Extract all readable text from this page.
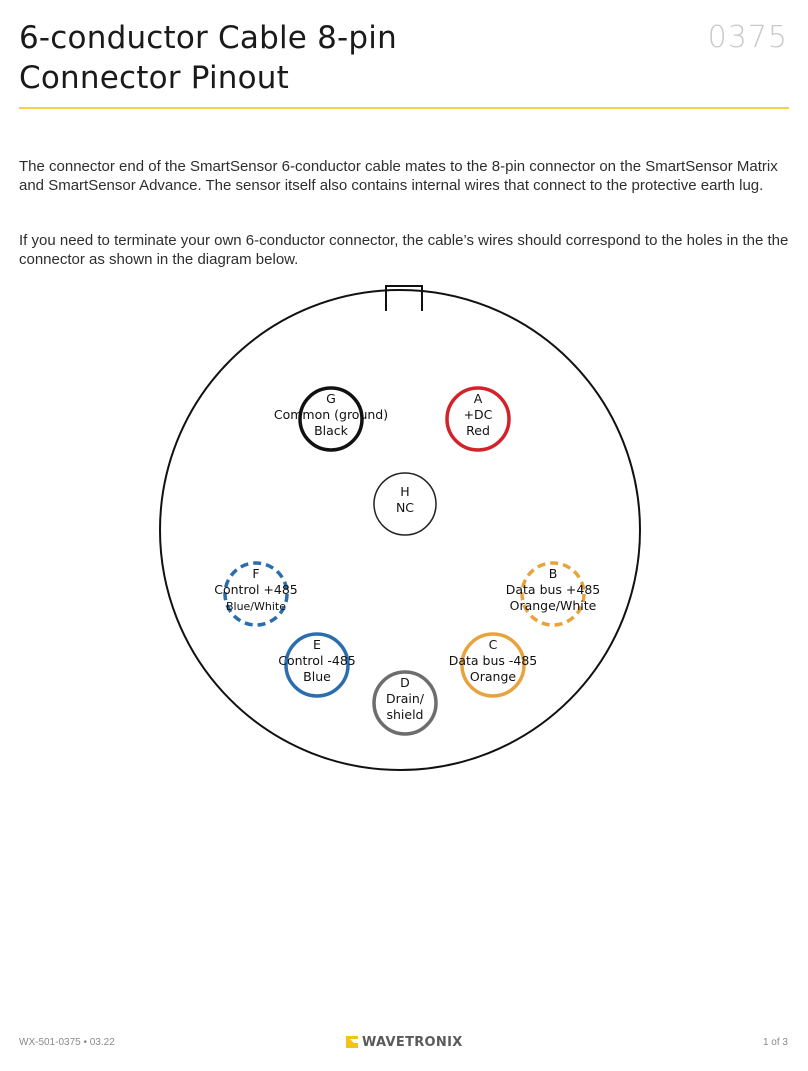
6-conductor Cable 8-pin
Connector Pinout
0375

The connector end of the SmartSensor 6-conductor cable mates to the 8-pin connector on the SmartSensor Matrix and SmartSensor Advance. The sensor itself also contains internal wires that connect to the protective earth lug.

If you need to terminate your own 6-conductor connector, the cable’s wires should correspond to the holes in the the connector as shown in the diagram below.

G
Common (ground)
Black
A
+DC
Red
H
NC
F
Control +485
Blue/White
B
Data bus +485
Orange/White
E
Control -485
Blue
C
Data bus -485
Orange
D
Drain/
shield
WX-501-0375 • 03.22	WAVETRONIX	1 of 3
